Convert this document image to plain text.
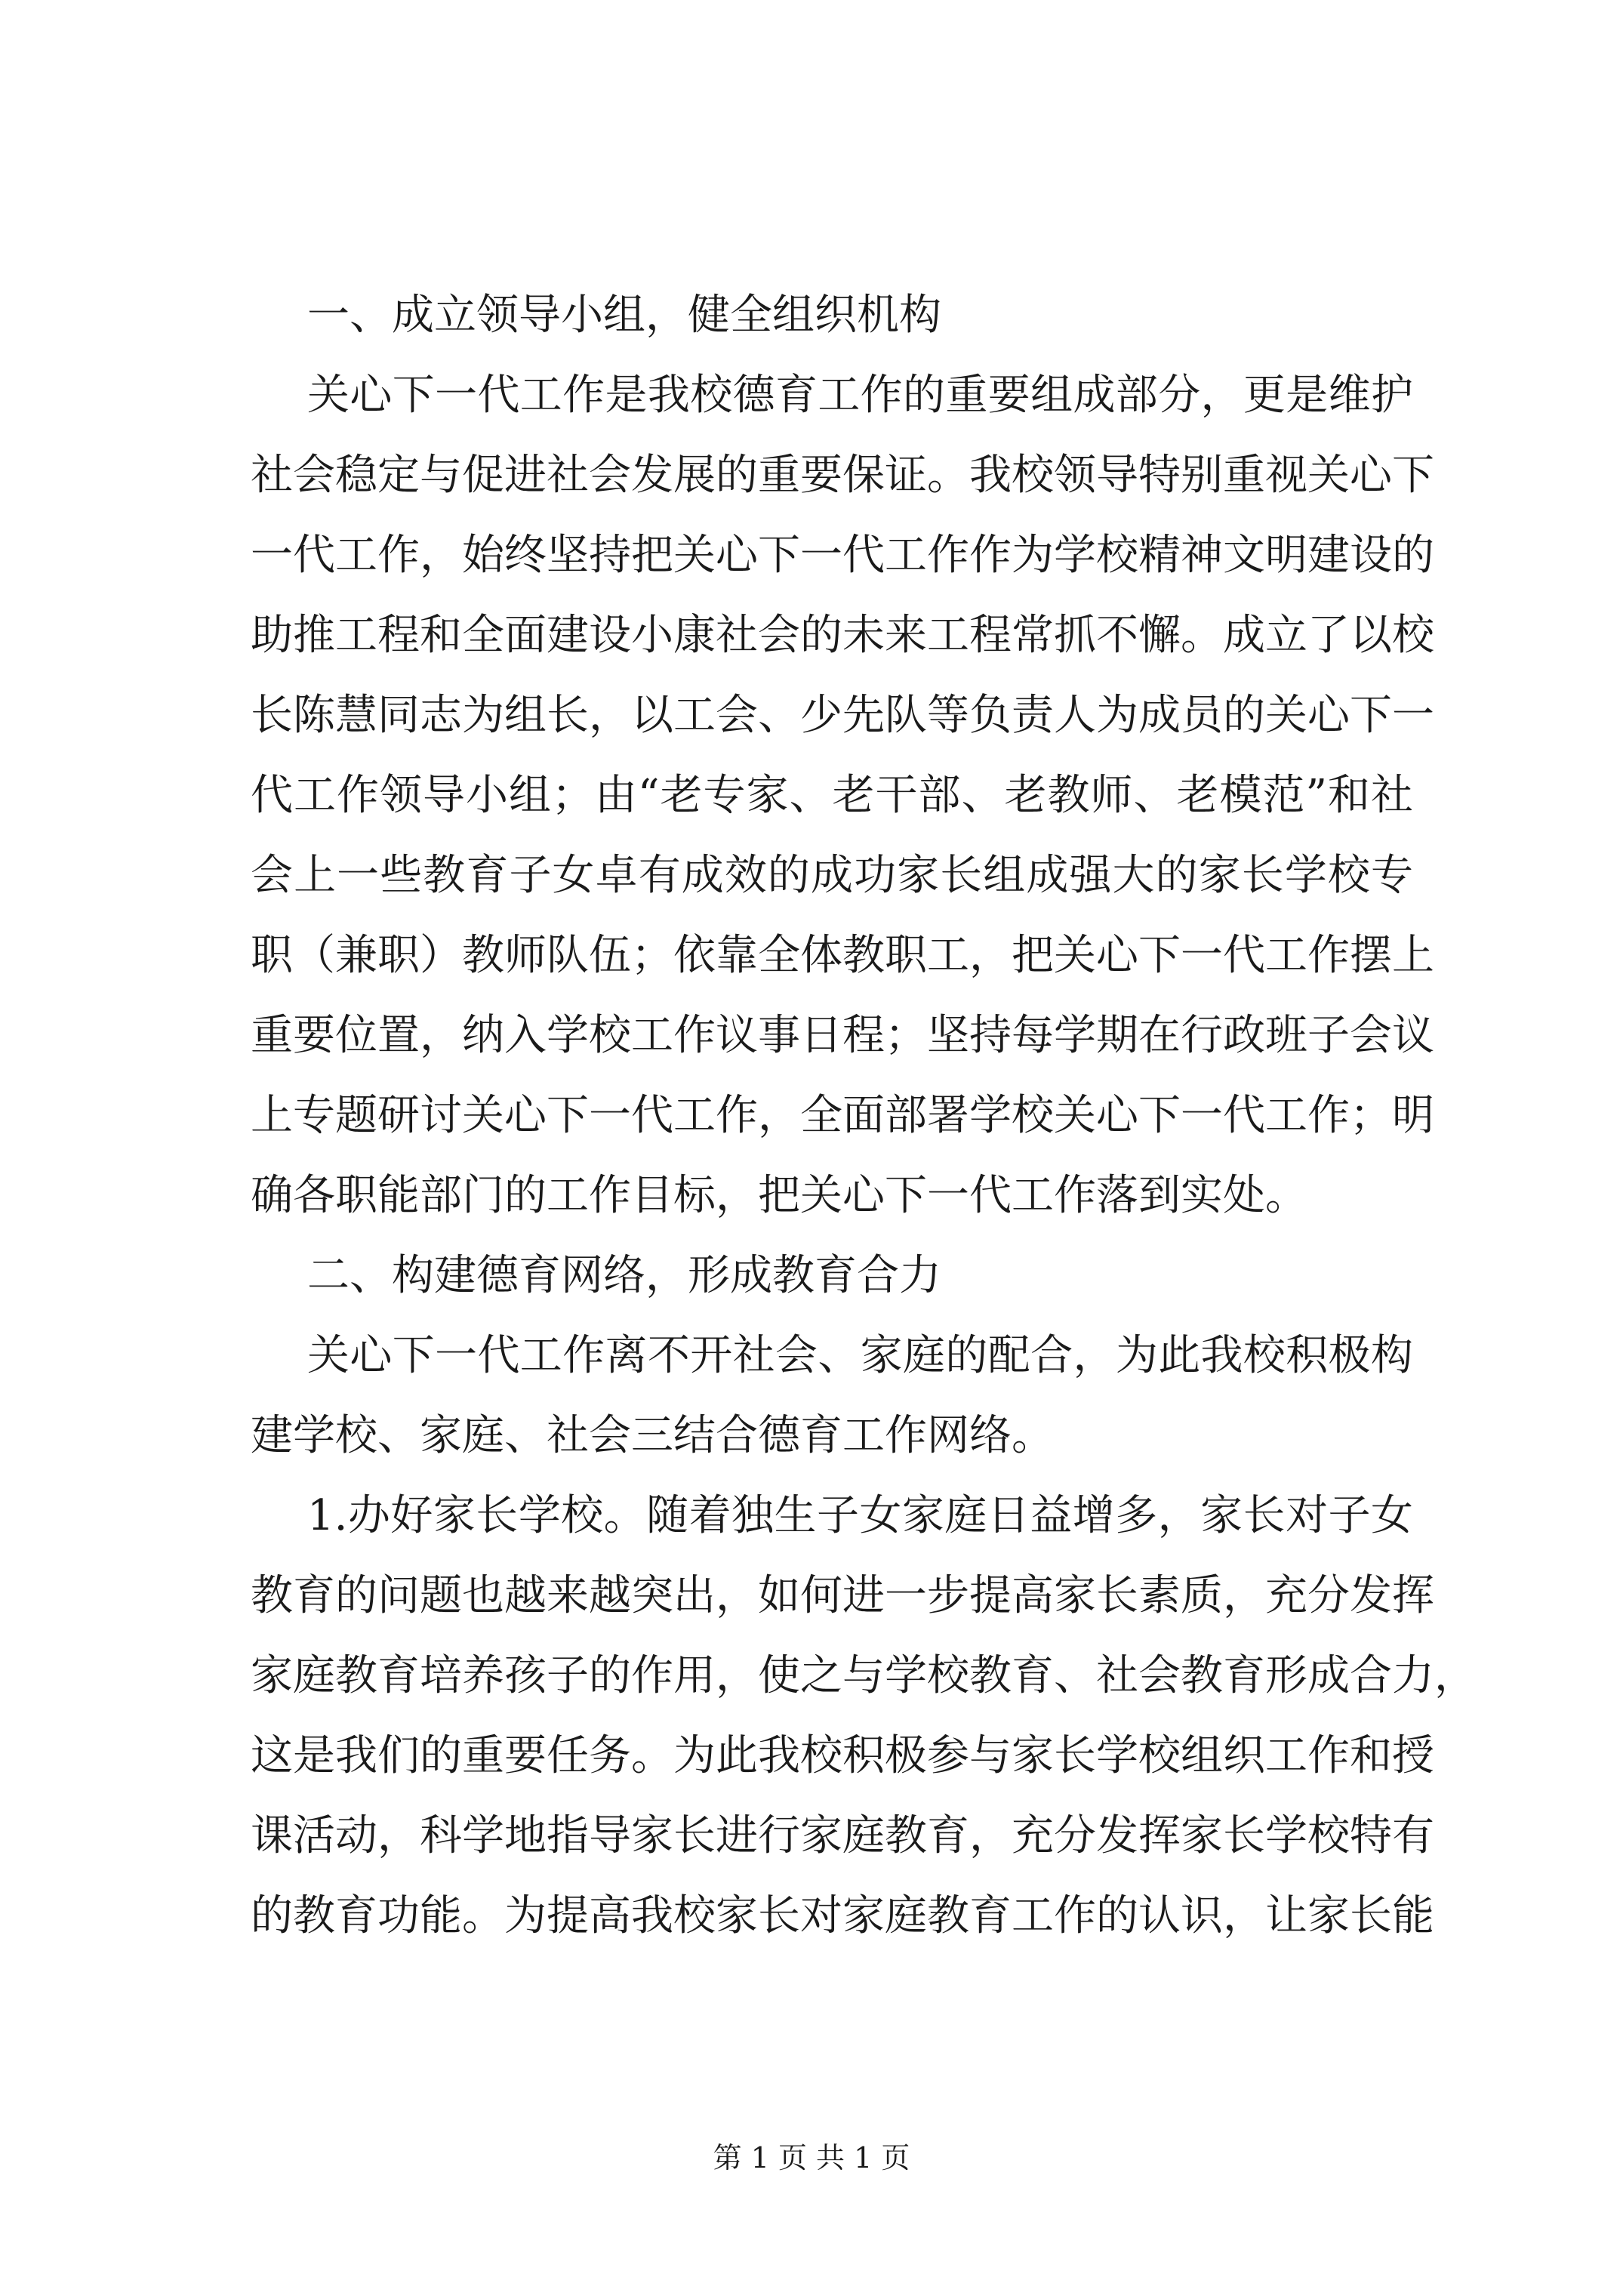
一、成立领导小组，健全组织机构
关心下一代工作是我校德育工作的重要组成部分，更是维护
社会稳定与促进社会发展的重要保证。我校领导特别重视关心下
一代工作，始终坚持把关心下一代工作作为学校精神文明建设的
助推工程和全面建设小康社会的未来工程常抓不懈。成立了以校
长陈慧同志为组长，以工会、少先队等负责人为成员的关心下一
代工作领导小组；由“老专家、老干部、老教师、老模范”和社
会上一些教育子女卓有成效的成功家长组成强大的家长学校专
职（兼职）教师队伍；依靠全体教职工，把关心下一代工作摆上
重要位置，纳入学校工作议事日程；坚持每学期在行政班子会议
上专题研讨关心下一代工作，全面部署学校关心下一代工作；明
确各职能部门的工作目标，把关心下一代工作落到实处。
二、构建德育网络，形成教育合力
关心下一代工作离不开社会、家庭的配合，为此我校积极构
建学校、家庭、社会三结合德育工作网络。
1.办好家长学校。随着独生子女家庭日益增多，家长对子女
教育的问题也越来越突出，如何进一步提高家长素质，充分发挥
家庭教育培养孩子的作用，使之与学校教育、社会教育形成合力，
这是我们的重要任务。为此我校积极参与家长学校组织工作和授
课活动，科学地指导家长进行家庭教育，充分发挥家长学校特有
的教育功能。为提高我校家长对家庭教育工作的认识，让家长能
第 1 页 共 1 页
